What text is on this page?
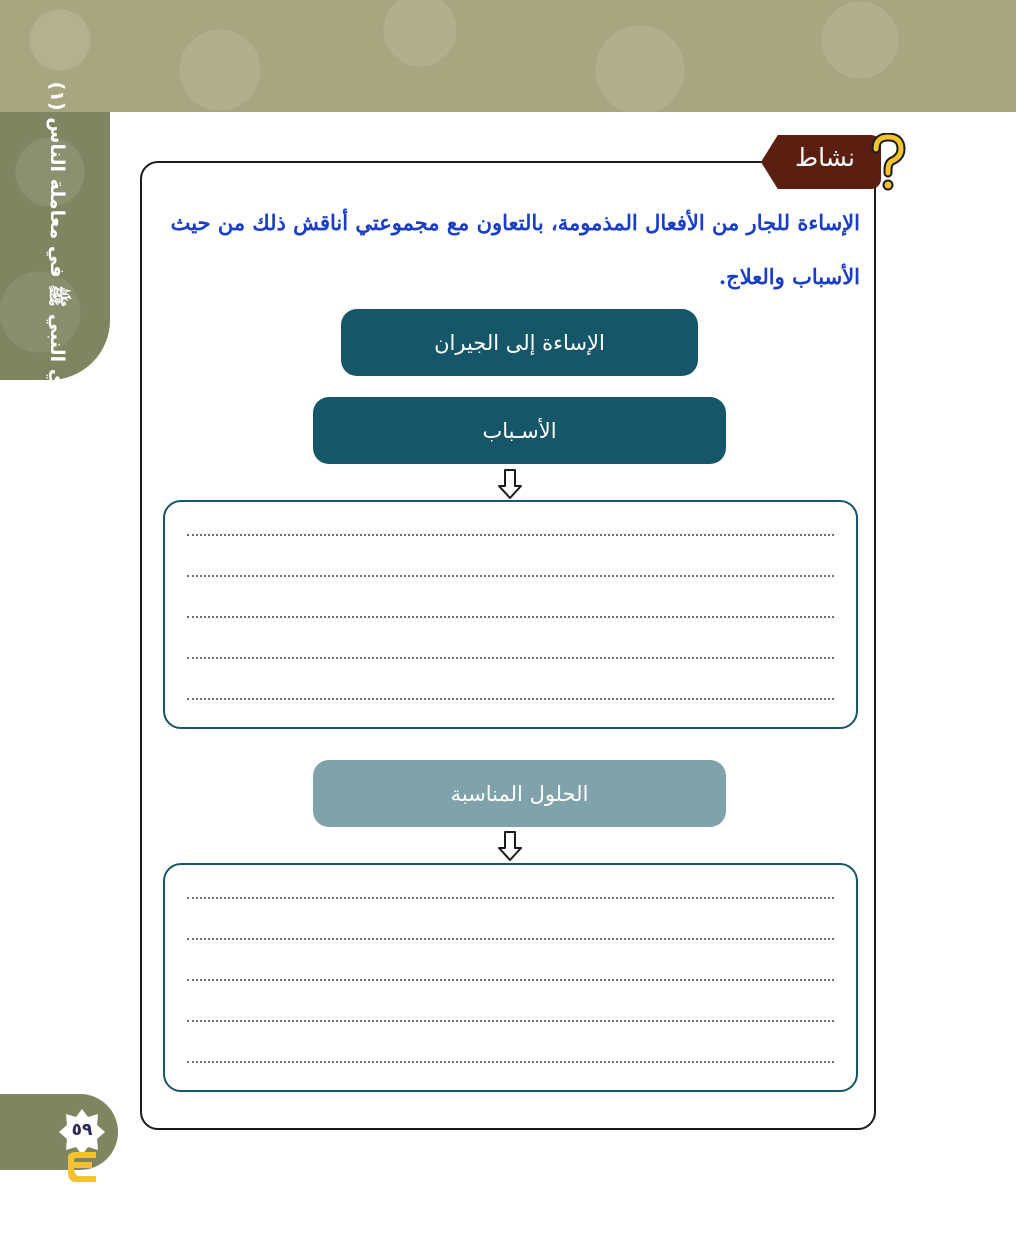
هدي النبي ﷺ في معاملة الناس (١)
٥٩
نشاط
الإساءة للجار من الأفعال المذمومة، بالتعاون مع مجموعتي أناقش ذلك من حيث الأسباب والعلاج.
الإساءة إلى الجيران
الأسـباب
الحلول المناسبة
